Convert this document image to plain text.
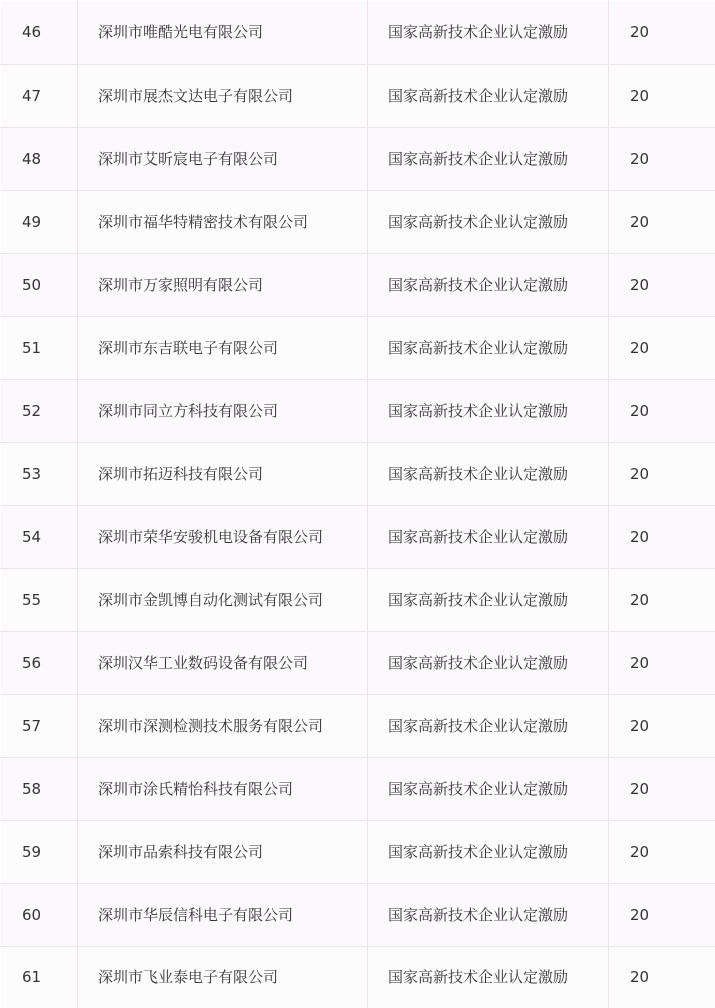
46	深圳市唯酷光电有限公司	国家高新技术企业认定激励	20
47	深圳市展杰文达电子有限公司	国家高新技术企业认定激励	20
48	深圳市艾昕宸电子有限公司	国家高新技术企业认定激励	20
49	深圳市福华特精密技术有限公司	国家高新技术企业认定激励	20
50	深圳市万家照明有限公司	国家高新技术企业认定激励	20
51	深圳市东吉联电子有限公司	国家高新技术企业认定激励	20
52	深圳市同立方科技有限公司	国家高新技术企业认定激励	20
53	深圳市拓迈科技有限公司	国家高新技术企业认定激励	20
54	深圳市荣华安骏机电设备有限公司	国家高新技术企业认定激励	20
55	深圳市金凯博自动化测试有限公司	国家高新技术企业认定激励	20
56	深圳汉华工业数码设备有限公司	国家高新技术企业认定激励	20
57	深圳市深测检测技术服务有限公司	国家高新技术企业认定激励	20
58	深圳市涂氏精怡科技有限公司	国家高新技术企业认定激励	20
59	深圳市品索科技有限公司	国家高新技术企业认定激励	20
60	深圳市华辰信科电子有限公司	国家高新技术企业认定激励	20
61	深圳市飞业泰电子有限公司	国家高新技术企业认定激励	20
